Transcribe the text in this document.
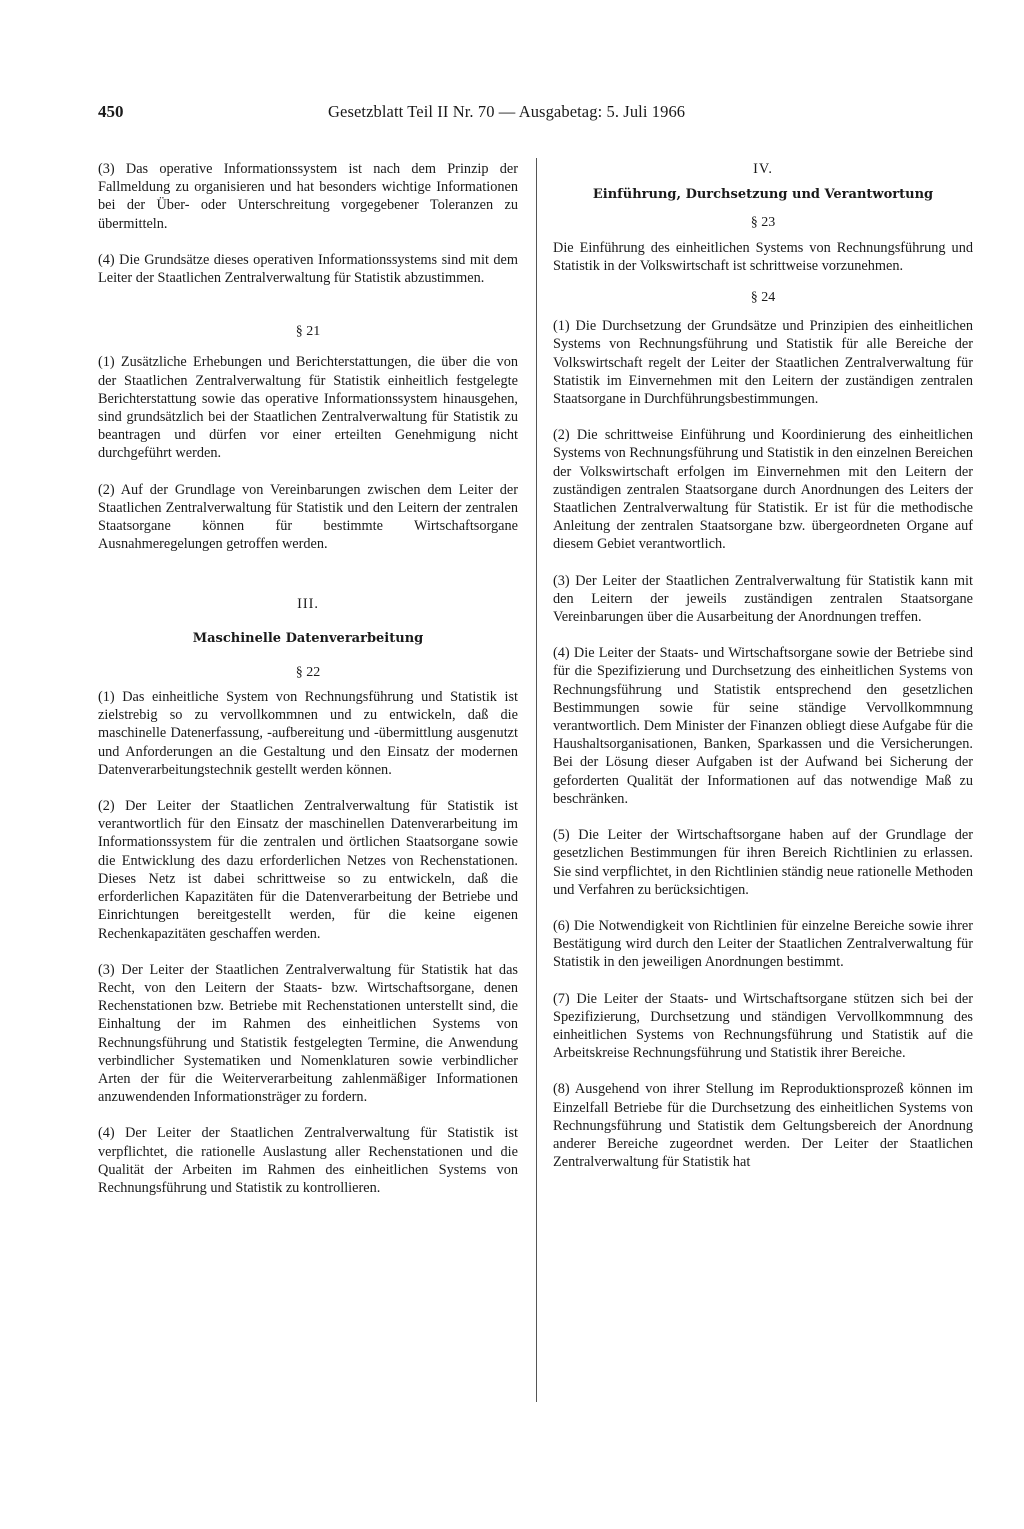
450	Gesetzblatt Teil II Nr. 70 — Ausgabetag: 5. Juli 1966

(3) Das operative Informationssystem ist nach dem Prinzip der Fallmeldung zu organisieren und hat besonders wichtige Informationen bei der Über- oder Unterschreitung vorgegebener Toleranzen zu übermitteln.

(4) Die Grundsätze dieses operativen Informationssystems sind mit dem Leiter der Staatlichen Zentralverwaltung für Statistik abzustimmen.

§ 21

(1) Zusätzliche Erhebungen und Berichterstattungen, die über die von der Staatlichen Zentralverwaltung für Statistik einheitlich festgelegte Berichterstattung sowie das operative Informationssystem hinausgehen, sind grundsätzlich bei der Staatlichen Zentralverwaltung für Statistik zu beantragen und dürfen vor einer erteilten Genehmigung nicht durchgeführt werden.

(2) Auf der Grundlage von Vereinbarungen zwischen dem Leiter der Staatlichen Zentralverwaltung für Statistik und den Leitern der zentralen Staatsorgane können für bestimmte Wirtschaftsorgane Ausnahmeregelungen getroffen werden.

III.

Maschinelle Datenverarbeitung

§ 22

(1) Das einheitliche System von Rechnungsführung und Statistik ist zielstrebig so zu vervollkommnen und zu entwickeln, daß die maschinelle Datenerfassung, -aufbereitung und -übermittlung ausgenutzt und Anforderungen an die Gestaltung und den Einsatz der modernen Datenverarbeitungstechnik gestellt werden können.

(2) Der Leiter der Staatlichen Zentralverwaltung für Statistik ist verantwortlich für den Einsatz der maschinellen Datenverarbeitung im Informationssystem für die zentralen und örtlichen Staatsorgane sowie die Entwicklung des dazu erforderlichen Netzes von Rechenstationen. Dieses Netz ist dabei schrittweise so zu entwickeln, daß die erforderlichen Kapazitäten für die Datenverarbeitung der Betriebe und Einrichtungen bereitgestellt werden, für die keine eigenen Rechenkapazitäten geschaffen werden.

(3) Der Leiter der Staatlichen Zentralverwaltung für Statistik hat das Recht, von den Leitern der Staats- bzw. Wirtschaftsorgane, denen Rechenstationen bzw. Betriebe mit Rechenstationen unterstellt sind, die Einhaltung der im Rahmen des einheitlichen Systems von Rechnungsführung und Statistik festgelegten Termine, die Anwendung verbindlicher Systematiken und Nomenklaturen sowie verbindlicher Arten der für die Weiterverarbeitung zahlenmäßiger Informationen anzuwendenden Informationsträger zu fordern.

(4) Der Leiter der Staatlichen Zentralverwaltung für Statistik ist verpflichtet, die rationelle Auslastung aller Rechenstationen und die Qualität der Arbeiten im Rahmen des einheitlichen Systems von Rechnungsführung und Statistik zu kontrollieren.

IV.

Einführung, Durchsetzung und Verantwortung

§ 23

Die Einführung des einheitlichen Systems von Rechnungsführung und Statistik in der Volkswirtschaft ist schrittweise vorzunehmen.

§ 24

(1) Die Durchsetzung der Grundsätze und Prinzipien des einheitlichen Systems von Rechnungsführung und Statistik für alle Bereiche der Volkswirtschaft regelt der Leiter der Staatlichen Zentralverwaltung für Statistik im Einvernehmen mit den Leitern der zuständigen zentralen Staatsorgane in Durchführungsbestimmungen.

(2) Die schrittweise Einführung und Koordinierung des einheitlichen Systems von Rechnungsführung und Statistik in den einzelnen Bereichen der Volkswirtschaft erfolgen im Einvernehmen mit den Leitern der zuständigen zentralen Staatsorgane durch Anordnungen des Leiters der Staatlichen Zentralverwaltung für Statistik. Er ist für die methodische Anleitung der zentralen Staatsorgane bzw. übergeordneten Organe auf diesem Gebiet verantwortlich.

(3) Der Leiter der Staatlichen Zentralverwaltung für Statistik kann mit den Leitern der jeweils zuständigen zentralen Staatsorgane Vereinbarungen über die Ausarbeitung der Anordnungen treffen.

(4) Die Leiter der Staats- und Wirtschaftsorgane sowie der Betriebe sind für die Spezifizierung und Durchsetzung des einheitlichen Systems von Rechnungsführung und Statistik entsprechend den gesetzlichen Bestimmungen sowie für seine ständige Vervollkommnung verantwortlich. Dem Minister der Finanzen obliegt diese Aufgabe für die Haushaltsorganisationen, Banken, Sparkassen und die Versicherungen. Bei der Lösung dieser Aufgaben ist der Aufwand bei Sicherung der geforderten Qualität der Informationen auf das notwendige Maß zu beschränken.

(5) Die Leiter der Wirtschaftsorgane haben auf der Grundlage der gesetzlichen Bestimmungen für ihren Bereich Richtlinien zu erlassen. Sie sind verpflichtet, in den Richtlinien ständig neue rationelle Methoden und Verfahren zu berücksichtigen.

(6) Die Notwendigkeit von Richtlinien für einzelne Bereiche sowie ihrer Bestätigung wird durch den Leiter der Staatlichen Zentralverwaltung für Statistik in den jeweiligen Anordnungen bestimmt.

(7) Die Leiter der Staats- und Wirtschaftsorgane stützen sich bei der Spezifizierung, Durchsetzung und ständigen Vervollkommnung des einheitlichen Systems von Rechnungsführung und Statistik auf die Arbeitskreise Rechnungsführung und Statistik ihrer Bereiche.

(8) Ausgehend von ihrer Stellung im Reproduktionsprozeß können im Einzelfall Betriebe für die Durchsetzung des einheitlichen Systems von Rechnungsführung und Statistik dem Geltungsbereich der Anordnung anderer Bereiche zugeordnet werden. Der Leiter der Staatlichen Zentralverwaltung für Statistik hat
